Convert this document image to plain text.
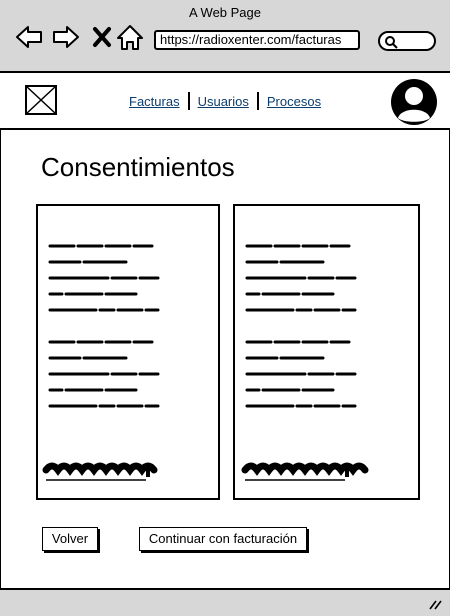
A Web Page
https://radioxenter.com/facturas
Facturas	Usuarios	Procesos
Consentimientos
Volver	Continuar con facturación
